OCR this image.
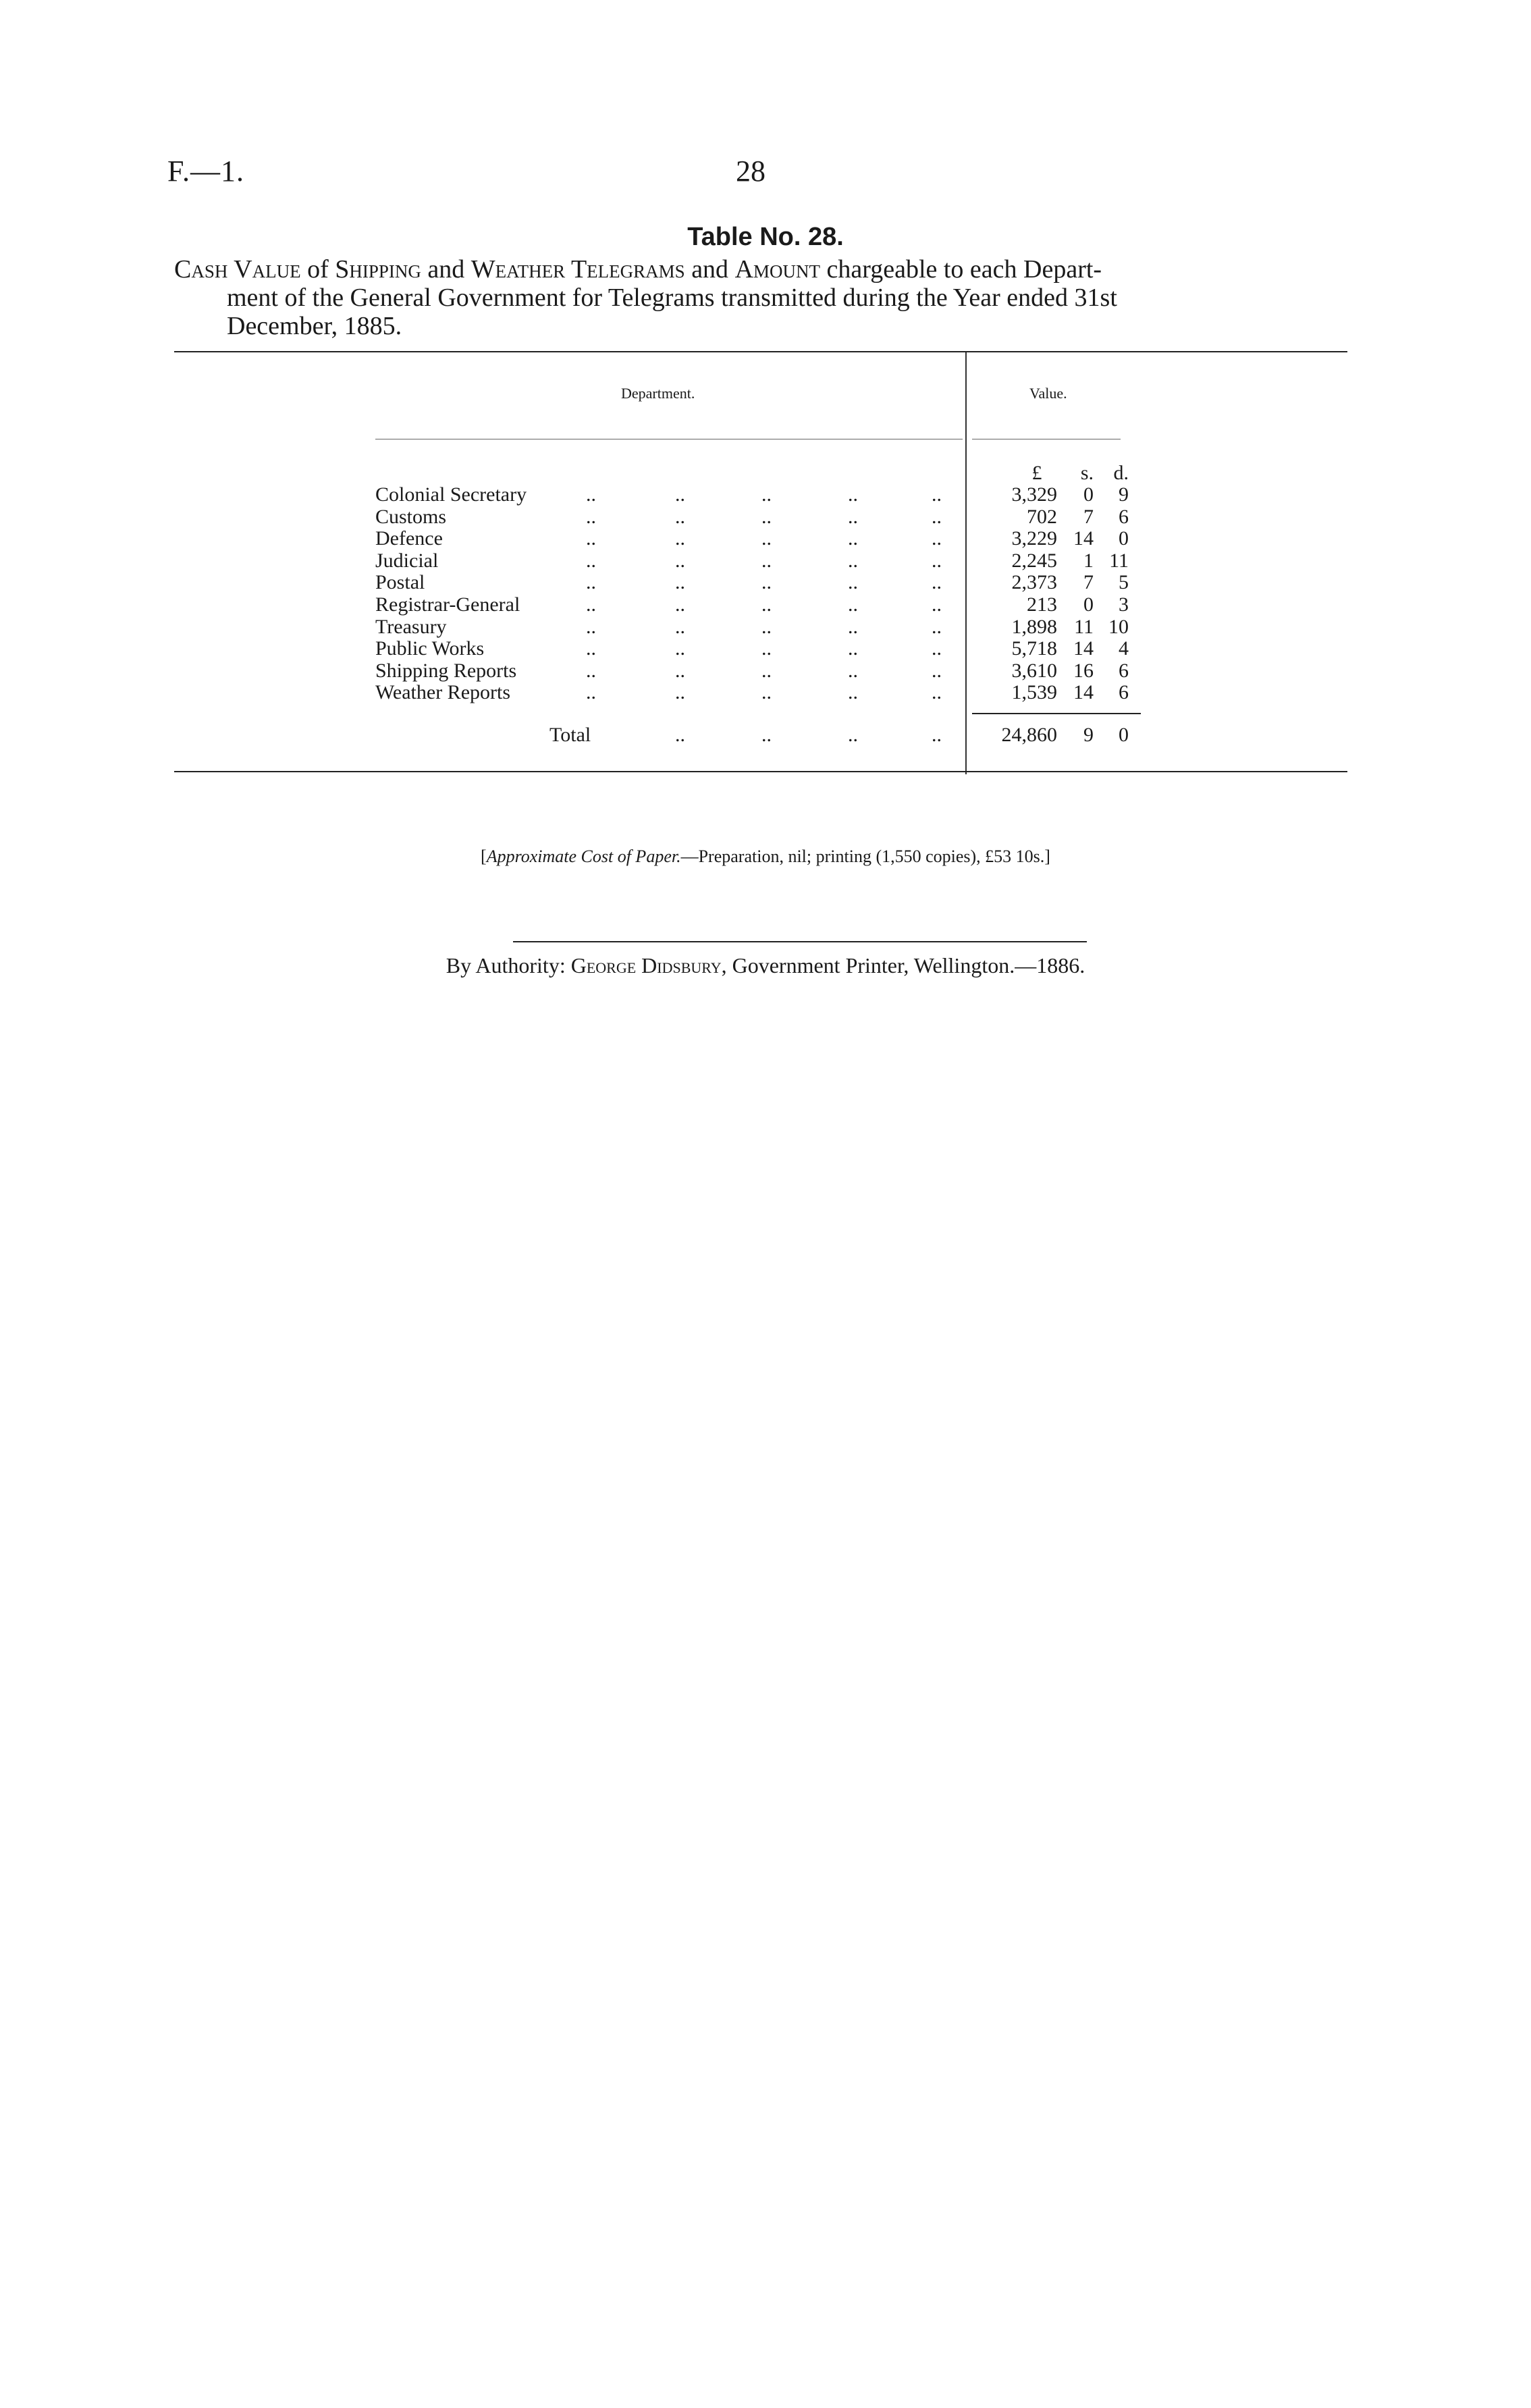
F.—1.	28
Table No. 28.
Cash Value of Shipping and Weather Telegrams and Amount chargeable to each Depart-
ment of the General Government for Telegrams transmitted during the Year ended 31st
December, 1885.
Department.	Value.
£	s. d.
Colonial Secretary	..	..	..	..	..	3,329	0	9
Customs	..	..	..	..	..	702	7	6
Defence	..	..	..	..	..	3,229 14	0
Judicial	..	..	..	..	..	2,245	1 11
Postal	..	..	..	..	..	2,373	7	5
Registrar-General	..	..	..	..	..	213	0	3
Treasury	..	..	..	..	..	1,898 11 10
Public Works	..	..	..	..	..	5,718 14	4
Shipping Reports	..	..	..	..	..	3,610 16	6
Weather Reports	..	..	..	..	..	1,539 14	6
Total	..	..	..	..	24,860	9	0
[Approximate Cost of Paper.—Preparation, nil; printing (1,550 copies), £53 10s.]
By Authority: George Didsbury, Government Printer, Wellington.—1886.
